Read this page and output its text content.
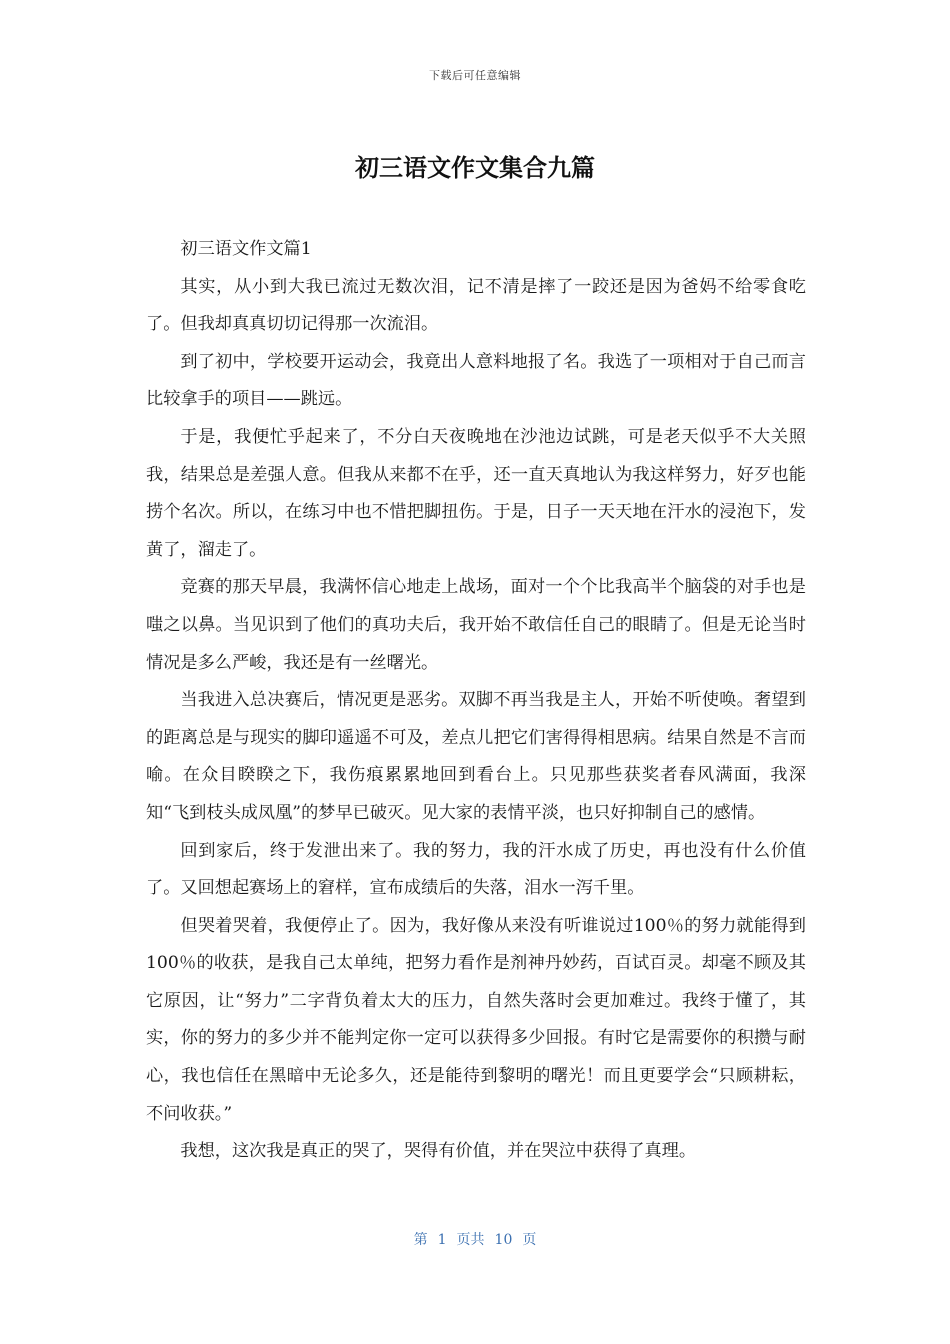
下载后可任意编辑
初三语文作文集合九篇

初三语文作文篇1

其实，从小到大我已流过无数次泪，记不清是摔了一跤还是因为爸妈不给零食吃了。但我却真真切切记得那一次流泪。

到了初中，学校要开运动会，我竟出人意料地报了名。我选了一项相对于自己而言比较拿手的项目——跳远。

于是，我便忙乎起来了，不分白天夜晚地在沙池边试跳，可是老天似乎不大关照我，结果总是差强人意。但我从来都不在乎，还一直天真地认为我这样努力，好歹也能捞个名次。所以，在练习中也不惜把脚扭伤。于是，日子一天天地在汗水的浸泡下，发黄了，溜走了。

竞赛的那天早晨，我满怀信心地走上战场，面对一个个比我高半个脑袋的对手也是嗤之以鼻。当见识到了他们的真功夫后，我开始不敢信任自己的眼睛了。但是无论当时情况是多么严峻，我还是有一丝曙光。

当我进入总决赛后，情况更是恶劣。双脚不再当我是主人，开始不听使唤。奢望到的距离总是与现实的脚印遥遥不可及，差点儿把它们害得得相思病。结果自然是不言而喻。在众目睽睽之下，我伤痕累累地回到看台上。只见那些获奖者春风满面，我深知“飞到枝头成凤凰”的梦早已破灭。见大家的表情平淡，也只好抑制自己的感情。

回到家后，终于发泄出来了。我的努力，我的汗水成了历史，再也没有什么价值了。又回想起赛场上的窘样，宣布成绩后的失落，泪水一泻千里。

但哭着哭着，我便停止了。因为，我好像从来没有听谁说过100％的努力就能得到100％的收获，是我自己太单纯，把努力看作是剂神丹妙药，百试百灵。却毫不顾及其它原因，让“努力”二字背负着太大的压力，自然失落时会更加难过。我终于懂了，其实，你的努力的多少并不能判定你一定可以获得多少回报。有时它是需要你的积攒与耐心，我也信任在黑暗中无论多久，还是能待到黎明的曙光！而且更要学会“只顾耕耘，不问收获。”

我想，这次我是真正的哭了，哭得有价值，并在哭泣中获得了真理。

第 1 页共 10 页
